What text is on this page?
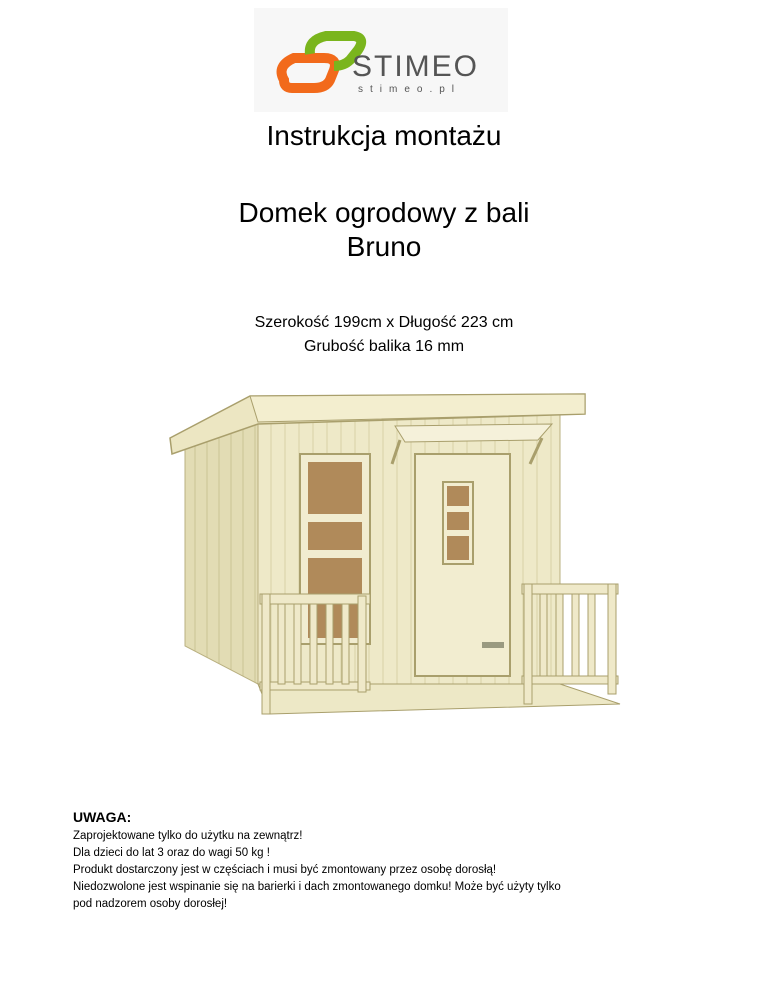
STIMEO
stimeo.pl
Instrukcja montażu
Domek ogrodowy z bali
Bruno
Szerokość 199cm x Długość 223 cm
Grubość balika 16 mm
UWAGA:
Zaprojektowane tylko do użytku na zewnątrz!
Dla dzieci do lat 3 oraz do wagi 50 kg !
Produkt dostarczony jest w częściach i musi być zmontowany przez osobę dorosłą!
Niedozwolone jest wspinanie się na barierki i dach zmontowanego domku! Może być użyty tylko
pod nadzorem osoby dorosłej!
